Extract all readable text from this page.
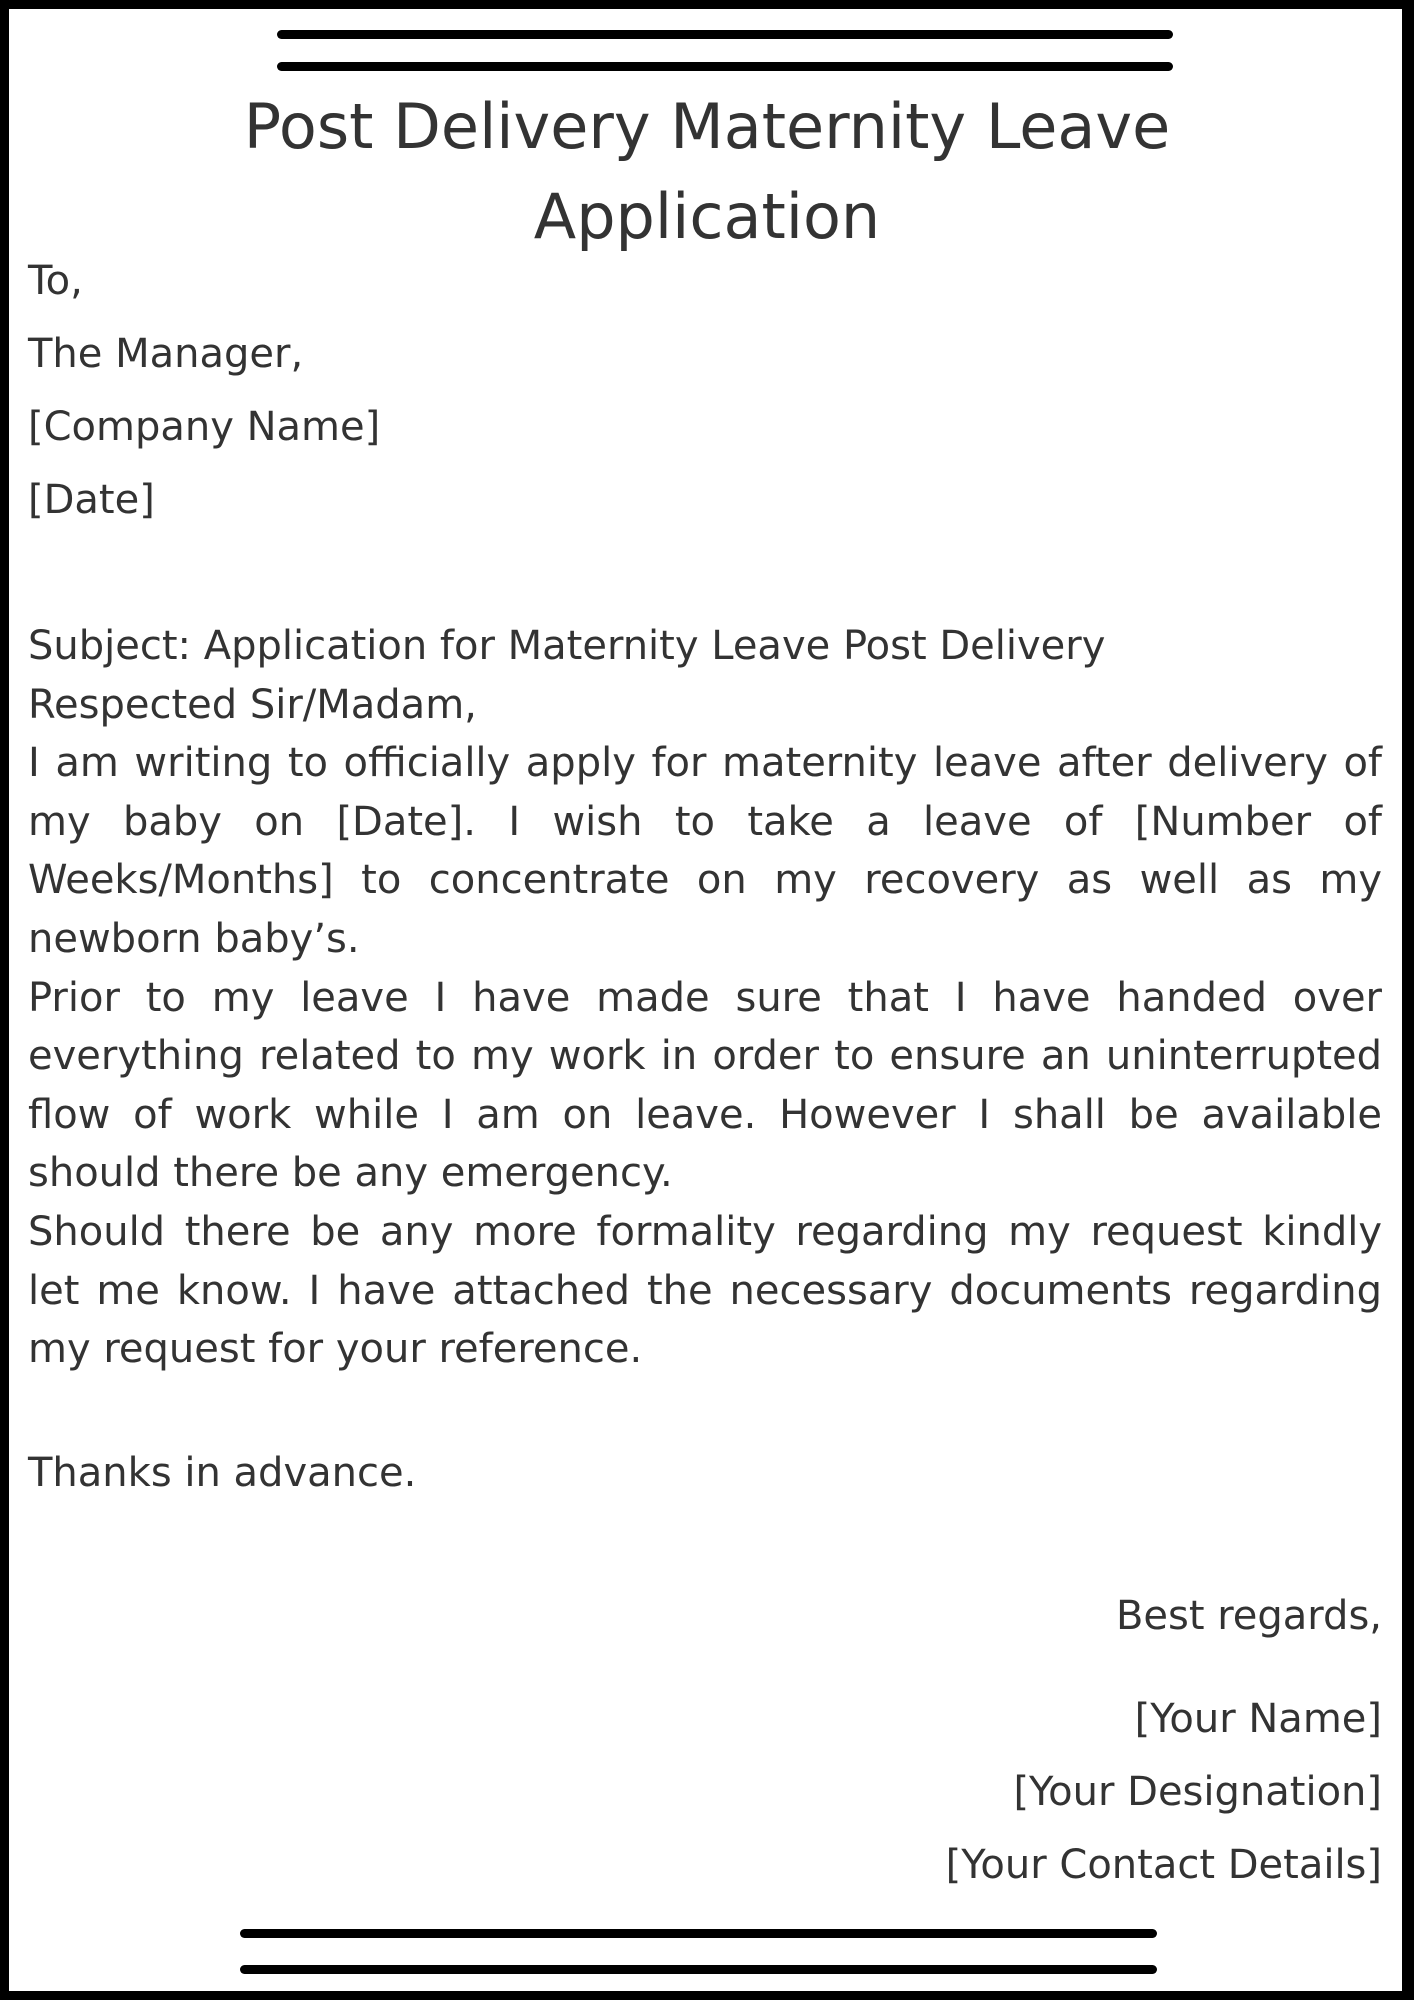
Post Delivery Maternity Leave
Application
To,
The Manager,
[Company Name]
[Date]
Subject: Application for Maternity Leave Post Delivery
Respected Sir/Madam,

I am writing to officially apply for maternity leave after delivery of my baby on [Date]. I wish to take a leave of [Number of Weeks/Months] to concentrate on my recovery as well as my newborn baby’s.

Prior to my leave I have made sure that I have handed over everything related to my work in order to ensure an uninterrupted flow of work while I am on leave. However I shall be available should there be any emergency.

Should there be any more formality regarding my request kindly let me know. I have attached the necessary documents regarding my request for your reference.

Thanks in advance.
Best regards,
[Your Name]
[Your Designation]
[Your Contact Details]
